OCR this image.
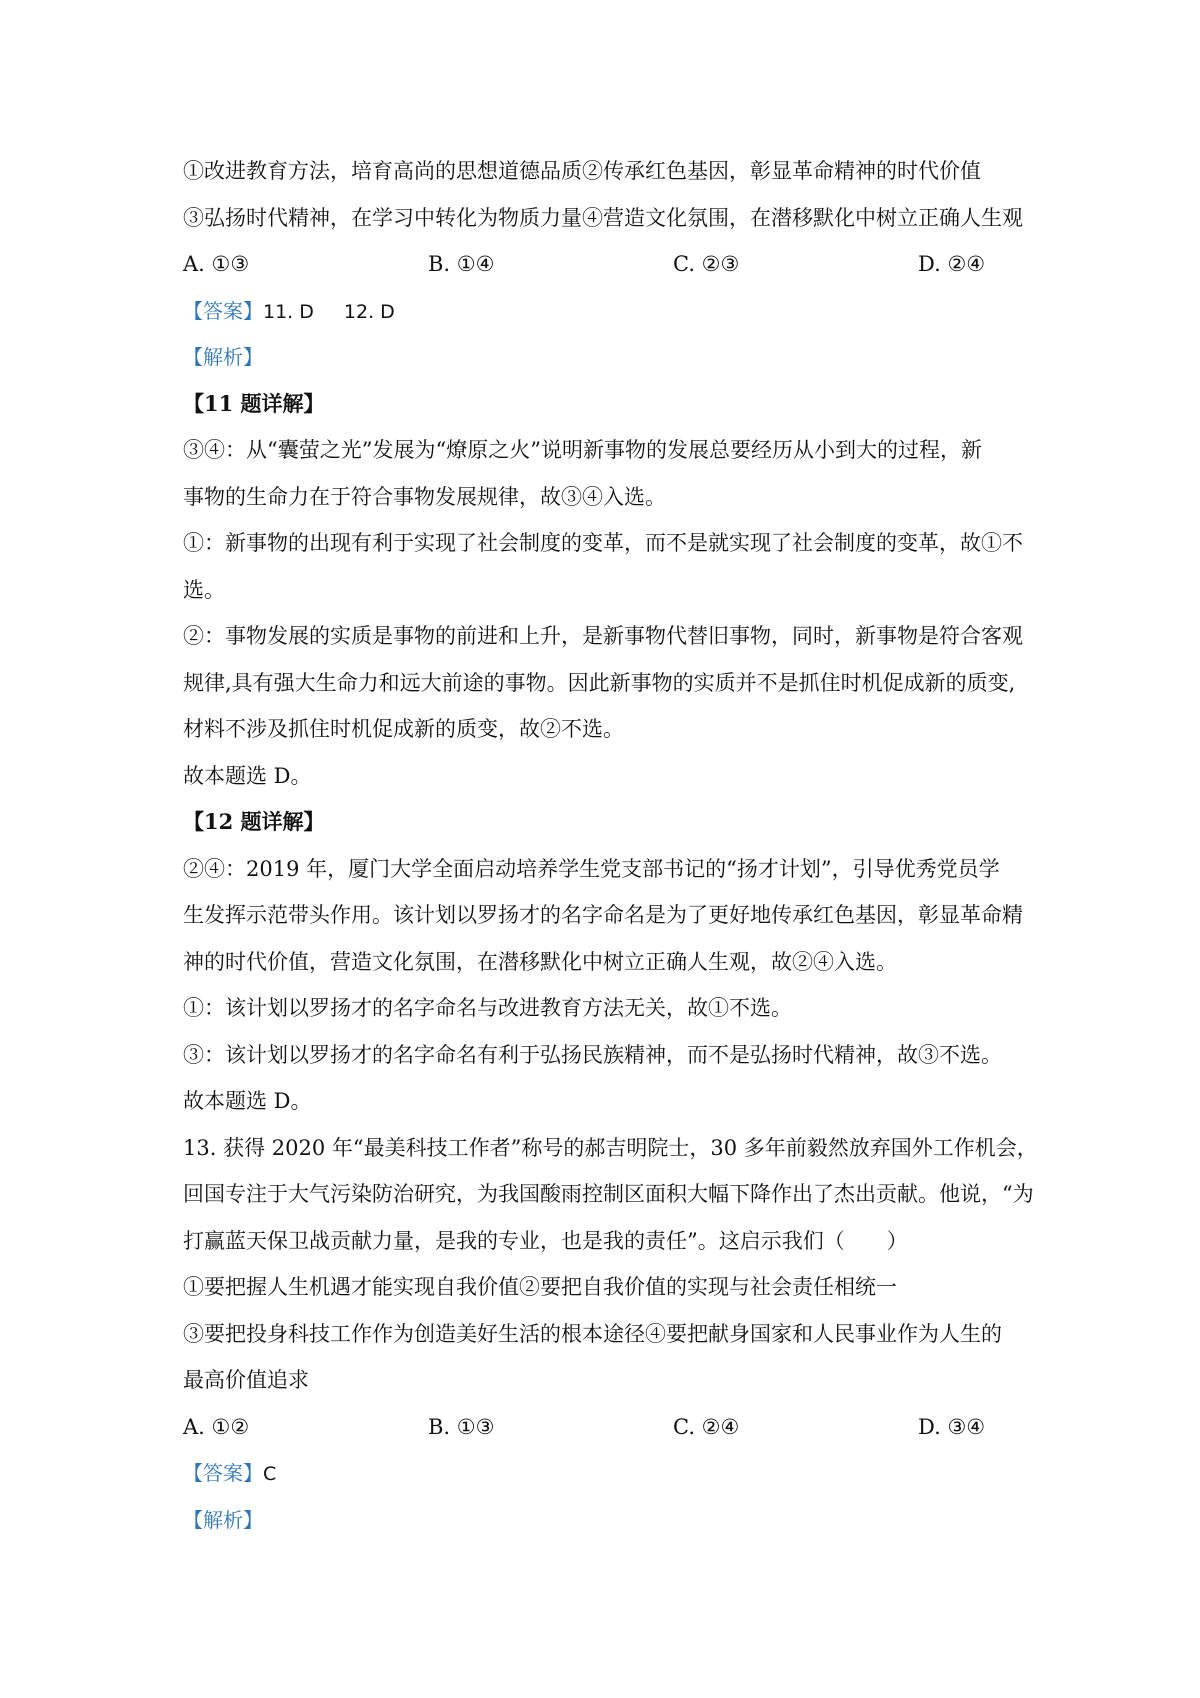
①改进教育方法，培育高尚的思想道德品质②传承红色基因，彰显革命精神的时代价值
③弘扬时代精神，在学习中转化为物质力量④营造文化氛围，在潜移默化中树立正确人生观
A. ①③	B. ①④	C. ②③	D. ②④
【答案】11. D 12. D
【解析】
【11 题详解】
③④：从“囊萤之光”发展为“燎原之火”说明新事物的发展总要经历从小到大的过程，新
事物的生命力在于符合事物发展规律，故③④入选。
①：新事物的出现有利于实现了社会制度的变革，而不是就实现了社会制度的变革，故①不
选。
②：事物发展的实质是事物的前进和上升，是新事物代替旧事物，同时，新事物是符合客观
规律,具有强大生命力和远大前途的事物。因此新事物的实质并不是抓住时机促成新的质变,
材料不涉及抓住时机促成新的质变，故②不选。
故本题选 D。
【12 题详解】
②④：2019 年，厦门大学全面启动培养学生党支部书记的“扬才计划”，引导优秀党员学
生发挥示范带头作用。该计划以罗扬才的名字命名是为了更好地传承红色基因，彰显革命精
神的时代价值，营造文化氛围，在潜移默化中树立正确人生观，故②④入选。
①：该计划以罗扬才的名字命名与改进教育方法无关，故①不选。
③：该计划以罗扬才的名字命名有利于弘扬民族精神，而不是弘扬时代精神，故③不选。
故本题选 D。
13. 获得 2020 年“最美科技工作者”称号的郝吉明院士，30 多年前毅然放弃国外工作机会，
回国专注于大气污染防治研究，为我国酸雨控制区面积大幅下降作出了杰出贡献。他说，“为
打赢蓝天保卫战贡献力量，是我的专业，也是我的责任”。这启示我们（　　）
①要把握人生机遇才能实现自我价值②要把自我价值的实现与社会责任相统一
③要把投身科技工作作为创造美好生活的根本途径④要把献身国家和人民事业作为人生的
最高价值追求
A. ①②	B. ①③	C. ②④	D. ③④
【答案】C
【解析】
